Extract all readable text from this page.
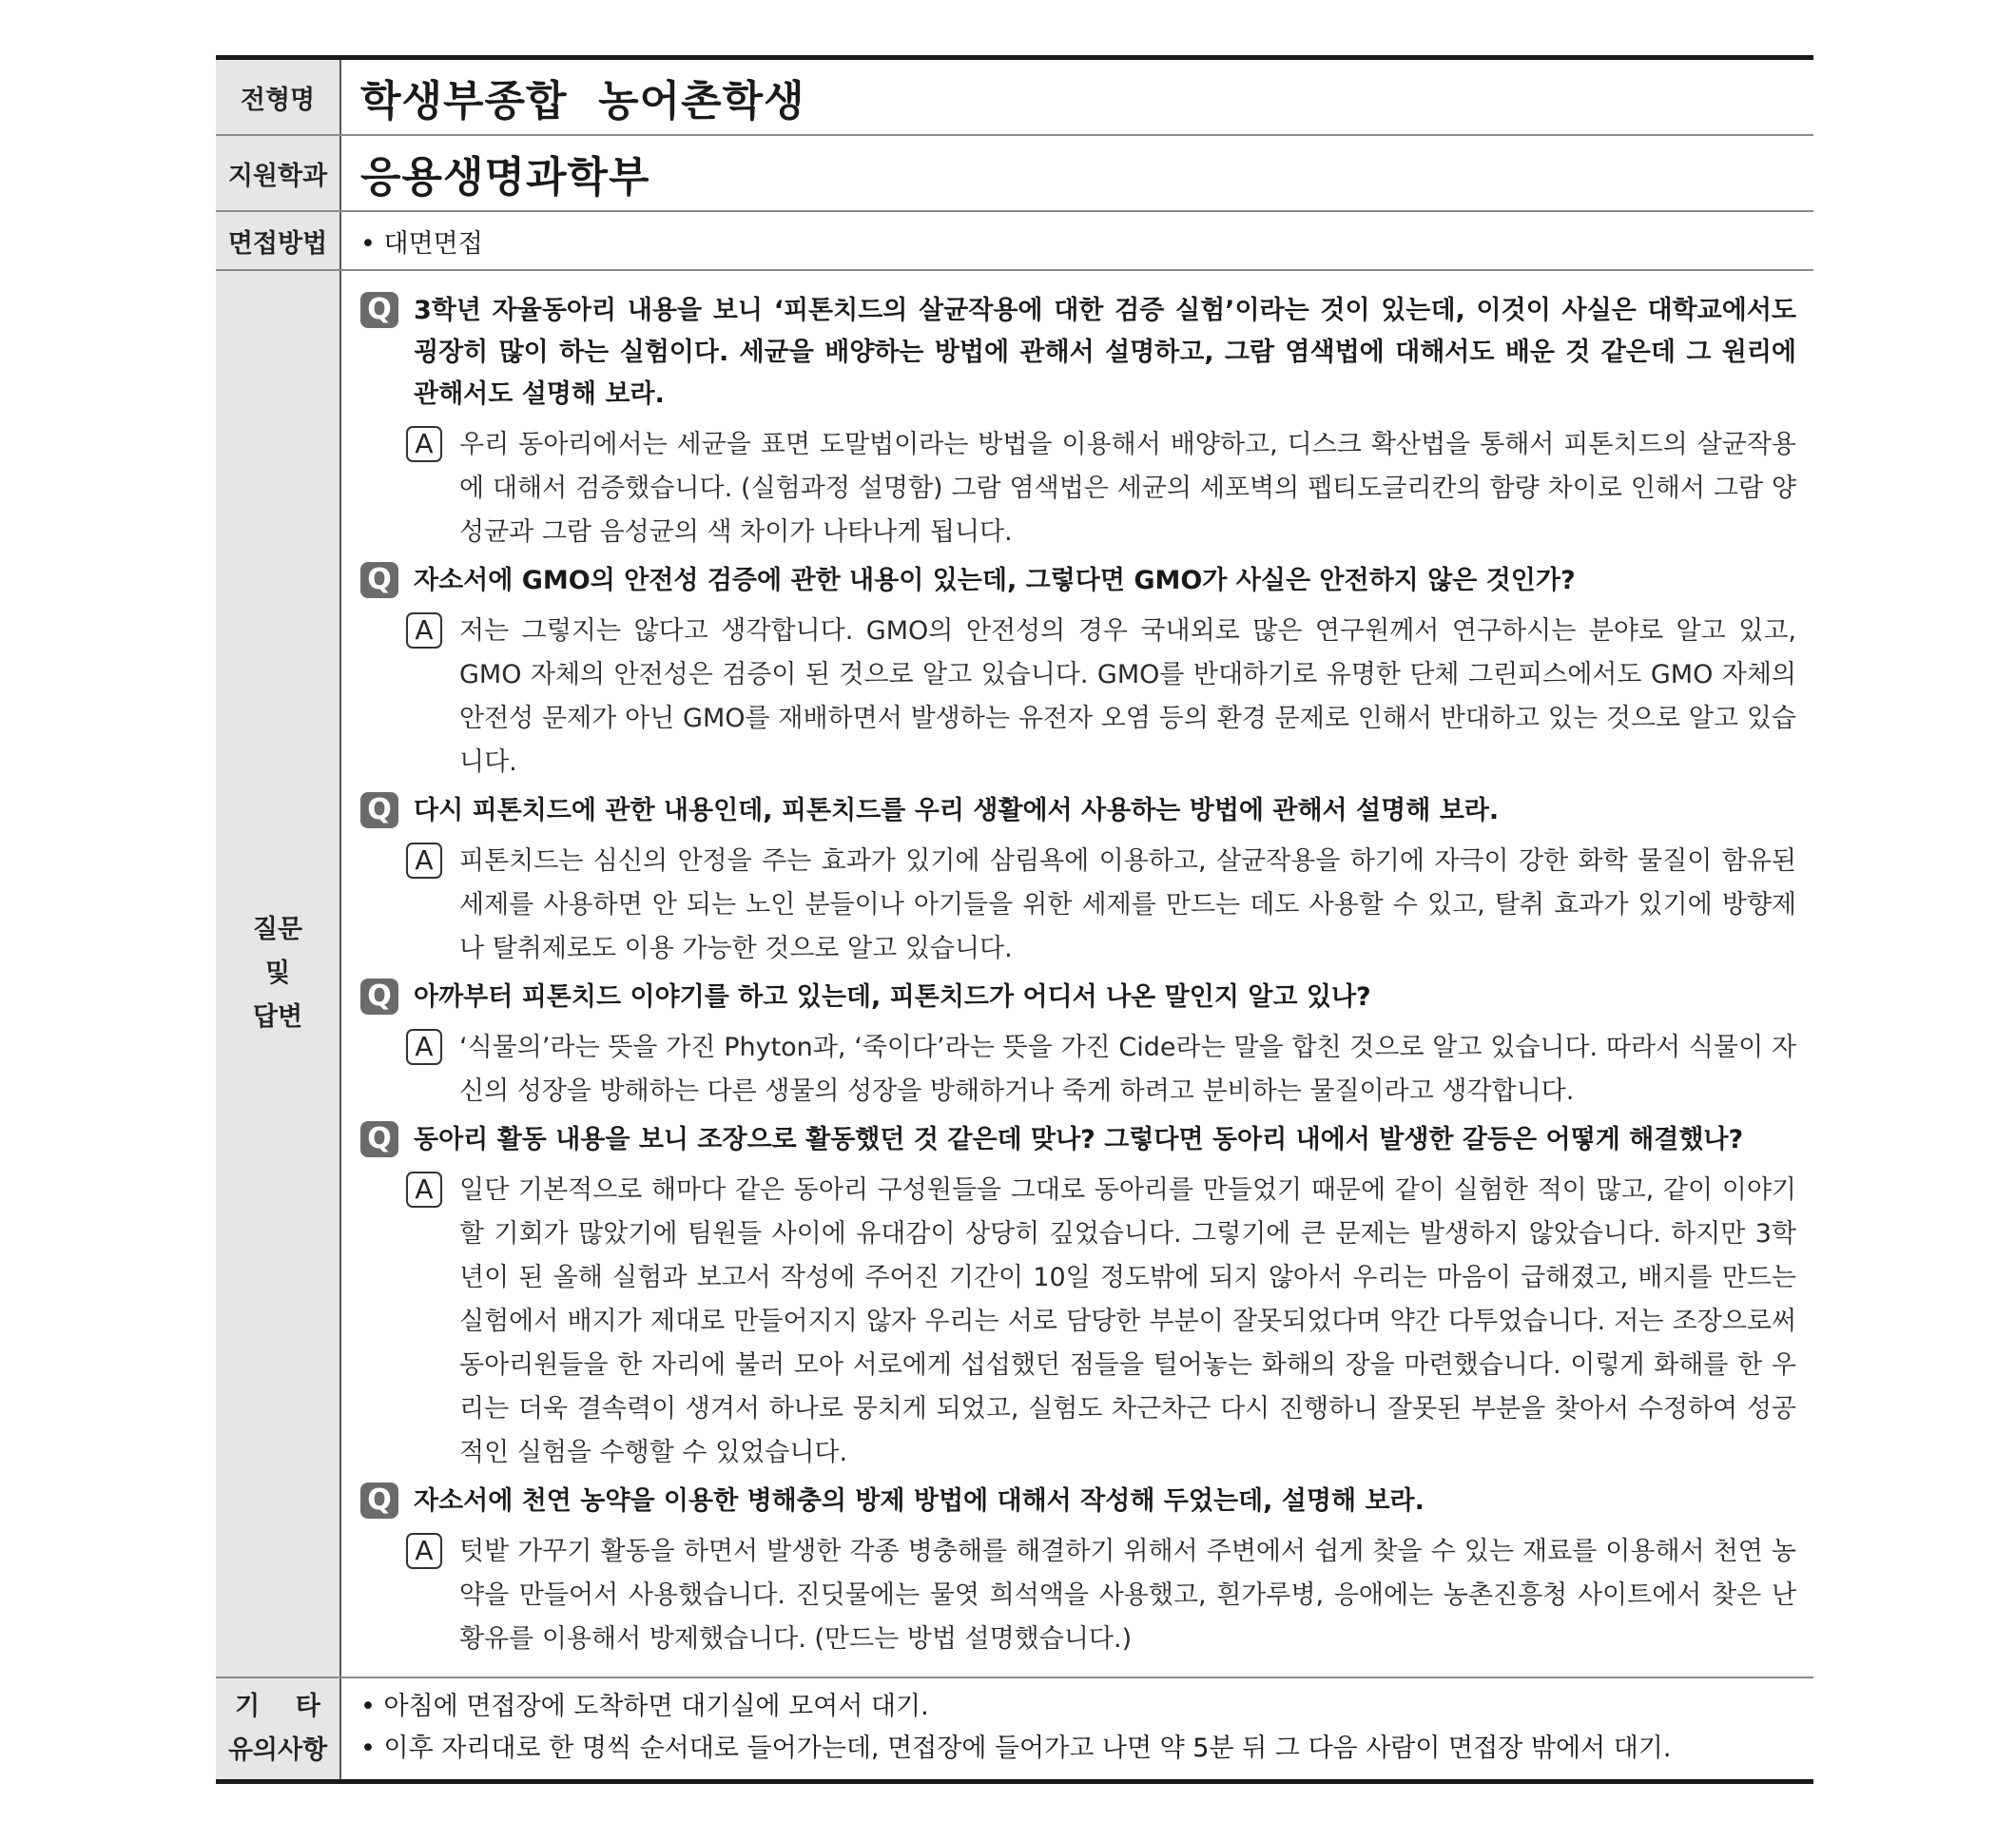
전형명	학생부종합  농어촌학생
지원학과 응용생명과학부
면접방법
•	대면면접
질문
및
답변
Q 3학년 자율동아리 내용을 보니 ‘피톤치드의 살균작용에 대한 검증 실험’이라는 것이 있는데, 이것이 사실은 대학교에서도 굉장히 많이 하는 실험이다. 세균을 배양하는 방법에 관해서 설명하고, 그람 염색법에 대해서도 배운 것 같은데 그 원리에 관해서도 설명해 보라.
A	우리 동아리에서는 세균을 표면 도말법이라는 방법을 이용해서 배양하고, 디스크 확산법을 통해서 피톤치드의 살균작용에 대해서 검증했습니다. (실험과정 설명함) 그람 염색법은 세균의 세포벽의 펩티도글리칸의 함량 차이로 인해서 그람 양성균과 그람 음성균의 색 차이가 나타나게 됩니다.
Q 자소서에 GMO의 안전성 검증에 관한 내용이 있는데, 그렇다면 GMO가 사실은 안전하지 않은 것인가?
A	저는 그렇지는 않다고 생각합니다. GMO의 안전성의 경우 국내외로 많은 연구원께서 연구하시는 분야로 알고 있고, GMO 자체의 안전성은 검증이 된 것으로 알고 있습니다. GMO를 반대하기로 유명한 단체 그린피스에서도 GMO 자체의 안전성 문제가 아닌 GMO를 재배하면서 발생하는 유전자 오염 등의 환경 문제로 인해서 반대하고 있는 것으로 알고 있습니다.
Q 다시 피톤치드에 관한 내용인데, 피톤치드를 우리 생활에서 사용하는 방법에 관해서 설명해 보라.
A	피톤치드는 심신의 안정을 주는 효과가 있기에 삼림욕에 이용하고, 살균작용을 하기에 자극이 강한 화학 물질이 함유된 세제를 사용하면 안 되는 노인 분들이나 아기들을 위한 세제를 만드는 데도 사용할 수 있고, 탈취 효과가 있기에 방향제나 탈취제로도 이용 가능한 것으로 알고 있습니다.
Q 아까부터 피톤치드 이야기를 하고 있는데, 피톤치드가 어디서 나온 말인지 알고 있나?
A	‘식물의’라는 뜻을 가진 Phyton과, ‘죽이다’라는 뜻을 가진 Cide라는 말을 합친 것으로 알고 있습니다. 따라서 식물이 자신의 성장을 방해하는 다른 생물의 성장을 방해하거나 죽게 하려고 분비하는 물질이라고 생각합니다.
Q 동아리 활동 내용을 보니 조장으로 활동했던 것 같은데 맞나? 그렇다면 동아리 내에서 발생한 갈등은 어떻게 해결했나?
A	일단 기본적으로 해마다 같은 동아리 구성원들을 그대로 동아리를 만들었기 때문에 같이 실험한 적이 많고, 같이 이야기할 기회가 많았기에 팀원들 사이에 유대감이 상당히 깊었습니다. 그렇기에 큰 문제는 발생하지 않았습니다. 하지만 3학년이 된 올해 실험과 보고서 작성에 주어진 기간이 10일 정도밖에 되지 않아서 우리는 마음이 급해졌고, 배지를 만드는 실험에서 배지가 제대로 만들어지지 않자 우리는 서로 담당한 부분이 잘못되었다며 약간 다투었습니다. 저는 조장으로써 동아리원들을 한 자리에 불러 모아 서로에게 섭섭했던 점들을 털어놓는 화해의 장을 마련했습니다. 이렇게 화해를 한 우리는 더욱 결속력이 생겨서 하나로 뭉치게 되었고, 실험도 차근차근 다시 진행하니 잘못된 부분을 찾아서 수정하여 성공적인 실험을 수행할 수 있었습니다.
Q 자소서에 천연 농약을 이용한 병해충의 방제 방법에 대해서 작성해 두었는데, 설명해 보라.
A	텃밭 가꾸기 활동을 하면서 발생한 각종 병충해를 해결하기 위해서 주변에서 쉽게 찾을 수 있는 재료를 이용해서 천연 농약을 만들어서 사용했습니다. 진딧물에는 물엿 희석액을 사용했고, 흰가루병, 응애에는 농촌진흥청 사이트에서 찾은 난황유를 이용해서 방제했습니다. (만드는 방법 설명했습니다.)
기    타
유의사항
• 아침에 면접장에 도착하면 대기실에 모여서 대기.
• 이후 자리대로 한 명씩 순서대로 들어가는데, 면접장에 들어가고 나면 약 5분 뒤 그 다음 사람이 면접장 밖에서 대기.
